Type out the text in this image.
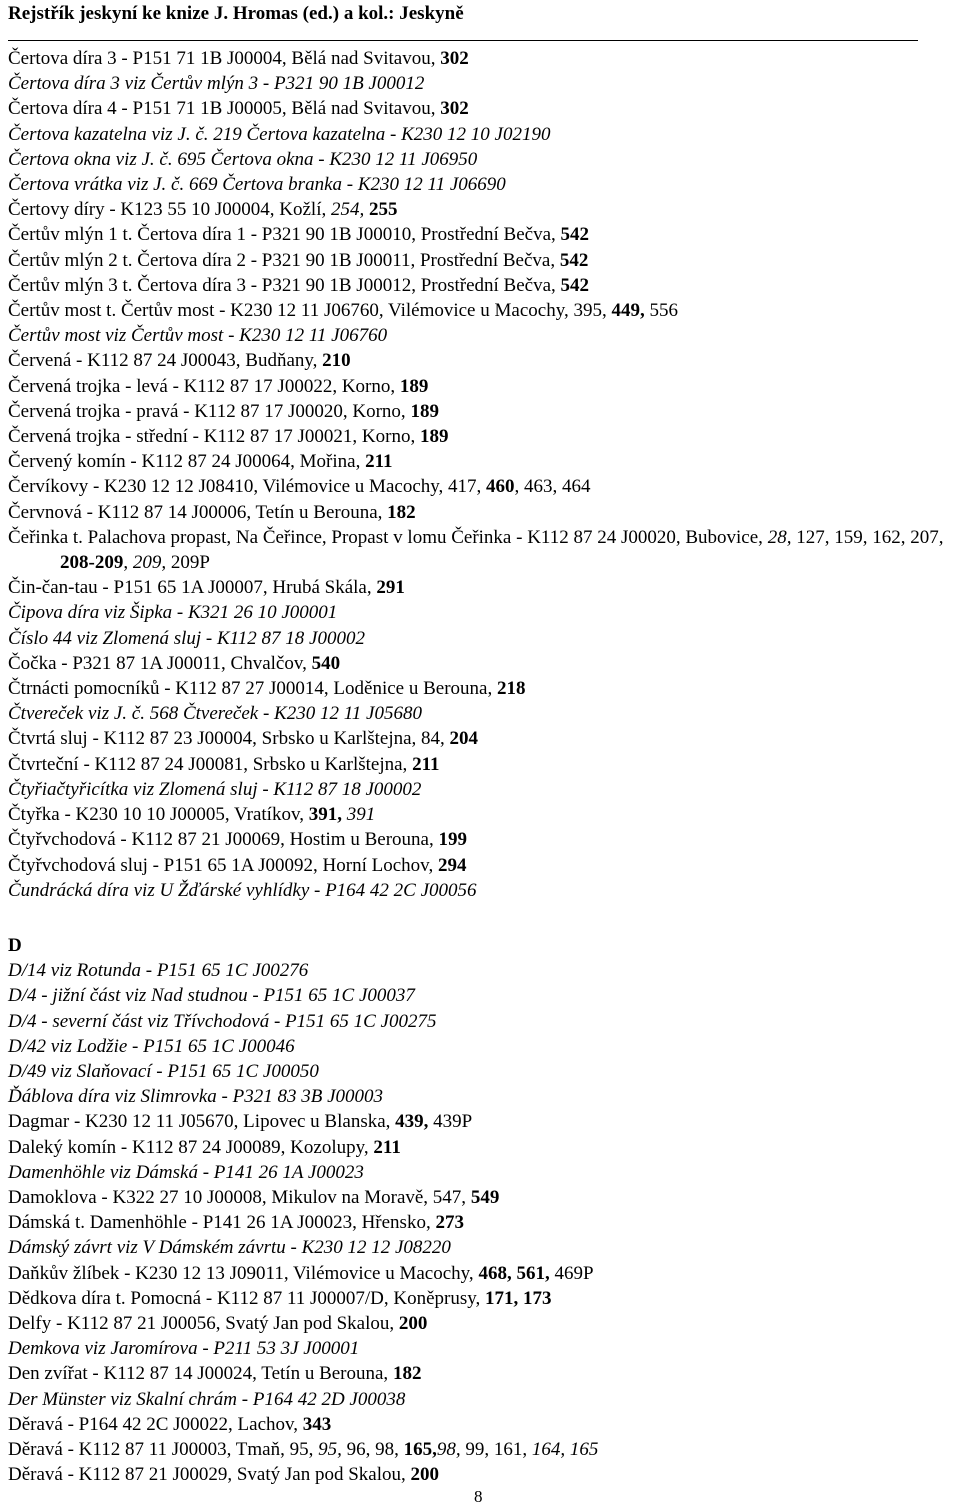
Rejstřík jeskyní ke knize J. Hromas (ed.) a kol.: Jeskyně
Čertova díra 3 - P151 71 1B J00004, Bělá nad Svitavou, 302
Čertova díra 3 viz Čertův mlýn 3 - P321 90 1B J00012
Čertova díra 4 - P151 71 1B J00005, Bělá nad Svitavou, 302
Čertova kazatelna viz J. č. 219 Čertova kazatelna - K230 12 10 J02190
Čertova okna viz J. č. 695 Čertova okna - K230 12 11 J06950
Čertova vrátka viz J. č. 669 Čertova branka - K230 12 11 J06690
Čertovy díry - K123 55 10 J00004, Kožlí, 254, 255
Čertův mlýn 1 t. Čertova díra 1 - P321 90 1B J00010, Prostřední Bečva, 542
Čertův mlýn 2 t. Čertova díra 2 - P321 90 1B J00011, Prostřední Bečva, 542
Čertův mlýn 3 t. Čertova díra 3 - P321 90 1B J00012, Prostřední Bečva, 542
Čertův most t. Čertův most - K230 12 11 J06760, Vilémovice u Macochy, 395, 449, 556
Čertův most viz Čertův most - K230 12 11 J06760
Červená - K112 87 24 J00043, Budňany, 210
Červená trojka - levá - K112 87 17 J00022, Korno, 189
Červená trojka - pravá - K112 87 17 J00020, Korno, 189
Červená trojka - střední - K112 87 17 J00021, Korno, 189
Červený komín - K112 87 24 J00064, Mořina, 211
Červíkovy - K230 12 12 J08410, Vilémovice u Macochy, 417, 460, 463, 464
Červnová - K112 87 14 J00006, Tetín u Berouna, 182
Čeřinka t. Palachova propast, Na Čeřince, Propast v lomu Čeřinka - K112 87 24 J00020, Bubovice, 28, 127, 159, 162, 207, 208-209, 209, 209P
Čin-čan-tau - P151 65 1A J00007, Hrubá Skála, 291
Čipova díra viz Šipka - K321 26 10 J00001
Číslo 44 viz Zlomená sluj - K112 87 18 J00002
Čočka - P321 87 1A J00011, Chvalčov, 540
Čtrnácti pomocníků - K112 87 27 J00014, Loděnice u Berouna, 218
Čtvereček viz J. č. 568 Čtvereček - K230 12 11 J05680
Čtvrtá sluj - K112 87 23 J00004, Srbsko u Karlštejna, 84, 204
Čtvrteční - K112 87 24 J00081, Srbsko u Karlštejna, 211
Čtyřiačtyřicítka viz Zlomená sluj - K112 87 18 J00002
Čtyřka - K230 10 10 J00005, Vratíkov, 391, 391
Čtyřvchodová - K112 87 21 J00069, Hostim u Berouna, 199
Čtyřvchodová sluj - P151 65 1A J00092, Horní Lochov, 294
Čundrácká díra viz U Žďárské vyhlídky - P164 42 2C J00056
D
D/14 viz Rotunda - P151 65 1C J00276
D/4 - jižní část viz Nad studnou - P151 65 1C J00037
D/4 - severní část viz Třívchodová - P151 65 1C J00275
D/42 viz Lodžie - P151 65 1C J00046
D/49 viz Slaňovací - P151 65 1C J00050
Ďáblova díra viz Slimrovka - P321 83 3B J00003
Dagmar - K230 12 11 J05670, Lipovec u Blanska, 439, 439P
Daleký komín - K112 87 24 J00089, Kozolupy, 211
Damenhöhle viz Dámská - P141 26 1A J00023
Damoklova - K322 27 10 J00008, Mikulov na Moravě, 547, 549
Dámská t. Damenhöhle - P141 26 1A J00023, Hřensko, 273
Dámský závrt viz V Dámském závrtu - K230 12 12 J08220
Daňkův žlíbek - K230 12 13 J09011, Vilémovice u Macochy, 468, 561, 469P
Dědkova díra t. Pomocná - K112 87 11 J00007/D, Koněprusy, 171, 173
Delfy - K112 87 21 J00056, Svatý Jan pod Skalou, 200
Demkova viz Jaromírova - P211 53 3J J00001
Den zvířat - K112 87 14 J00024, Tetín u Berouna, 182
Der Münster viz Skalní chrám - P164 42 2D J00038
Děravá - P164 42 2C J00022, Lachov, 343
Děravá - K112 87 11 J00003, Tmaň, 95, 95, 96, 98, 165,98, 99, 161, 164, 165
Děravá - K112 87 21 J00029, Svatý Jan pod Skalou, 200
8
